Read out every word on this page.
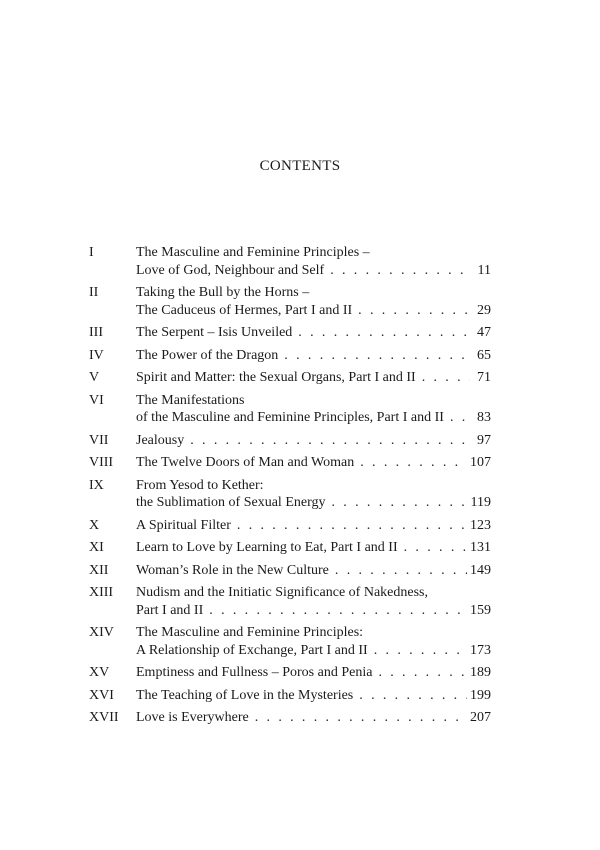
CONTENTS
I	The Masculine and Feminine Principles –
Love of God, Neighbour and Self . . .	11
II	Taking the Bull by the Horns –
The Caduceus of Hermes, Part I and II . . .	29
III	The Serpent – Isis Unveiled . . .	47
IV	The Power of the Dragon . . .	65
V	Spirit and Matter: the Sexual Organs, Part I and II . . .	71
VI	The Manifestations
of the Masculine and Feminine Principles, Part I and II . . . 83
VII	Jealousy . . .	97
VIII	The Twelve Doors of Man and Woman . . .	107
IX	From Yesod to Kether:
the Sublimation of Sexual Energy . . .	119
X	A Spiritual Filter . . .	123
XI	Learn to Love by Learning to Eat, Part I and II . . .	131
XII	Woman’s Role in the New Culture . . .	149
XIII	Nudism and the Initiatic Significance of Nakedness,
Part I and II . . .	159
XIV	The Masculine and Feminine Principles:
A Relationship of Exchange, Part I and II . . .	173
XV	Emptiness and Fullness – Poros and Penia . . .	189
XVI	The Teaching of Love in the Mysteries . . .	199
XVII	Love is Everywhere . . .	207
